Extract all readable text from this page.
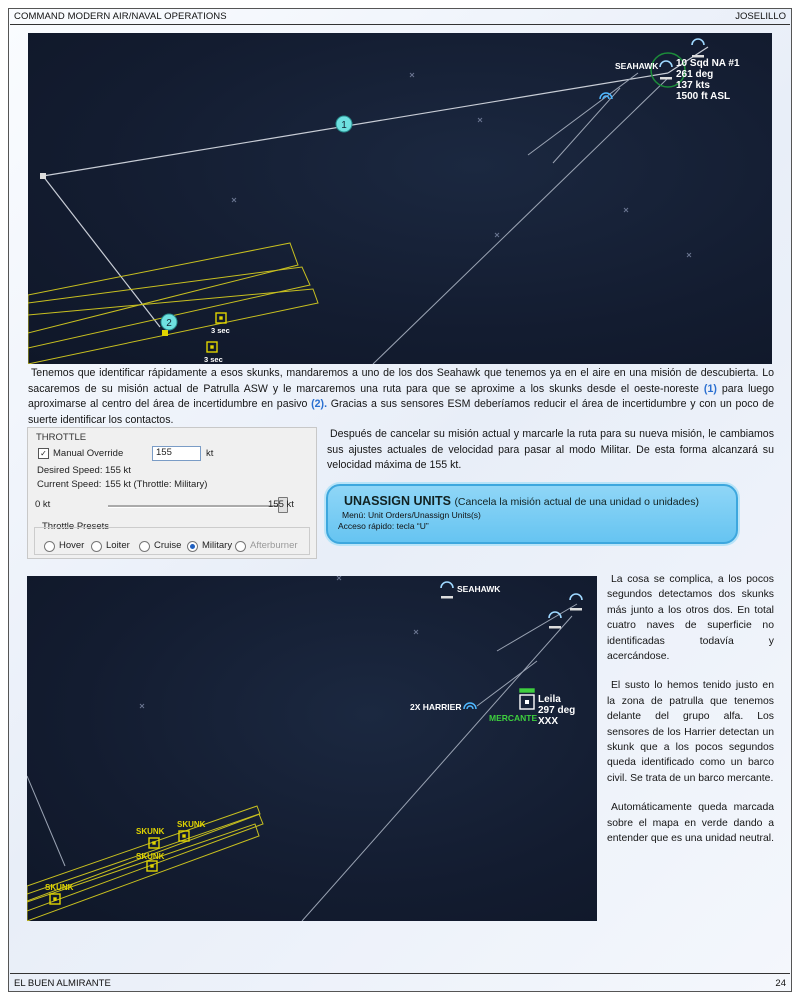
COMMAND MODERN AIR/NAVAL OPERATIONS	JOSELILLO
SEAHAWK 10 Sqd NA #1
261 deg
137 kts
1500 ft ASL
1
2
3 sec
3 sec
Tenemos que identificar rápidamente a esos skunks, mandaremos a uno de los dos Seahawk que tenemos ya en el aire en una misión de descubierta. Lo sacaremos de su misión actual de Patrulla ASW y le marcaremos una ruta para que se aproxime a los skunks desde el oeste-noreste (1) para luego aproximarse al centro del área de incertidumbre en pasivo (2). Gracias a sus sensores ESM deberíamos reducir el área de incertidumbre y con un poco de suerte identificar los contactos.
THROTTLE
✓ Manual Override	155	kt
Desired Speed: 155 kt
Current Speed: 155 kt (Throttle: Military)
0 kt	155 kt
Throttle Presets
Hover Loiter	Cruise Military Afterburner
Después de cancelar su misión actual y marcarle la ruta para su nueva misión, le cambiamos sus ajustes actuales de velocidad para pasar al modo Militar. De esta forma alcanzará su velocidad máxima de 155 kt.
UNASSIGN UNITS (Cancela la misión actual de una unidad o unidades)
Menú: Unit Orders/Unassign Units(s)
Acceso rápido: tecla “U”
SEAHAWK
2X HARRIER
MERCANTE
Leila
297 deg
XXX
SKUNK
SKUNK
SKUNK
SKUNK
La cosa se complica, a los pocos segundos detectamos dos skunks más junto a los otros dos. En total cuatro naves de superficie no identificadas todavía y acercándose.
El susto lo hemos tenido justo en la zona de patrulla que tenemos delante del grupo alfa. Los sensores de los Harrier detectan un skunk que a los pocos segundos queda identificado como un barco civil. Se trata de un barco mercante.
Automáticamente queda marcada sobre el mapa en verde dando a entender que es una unidad neutral.
EL BUEN ALMIRANTE	24
